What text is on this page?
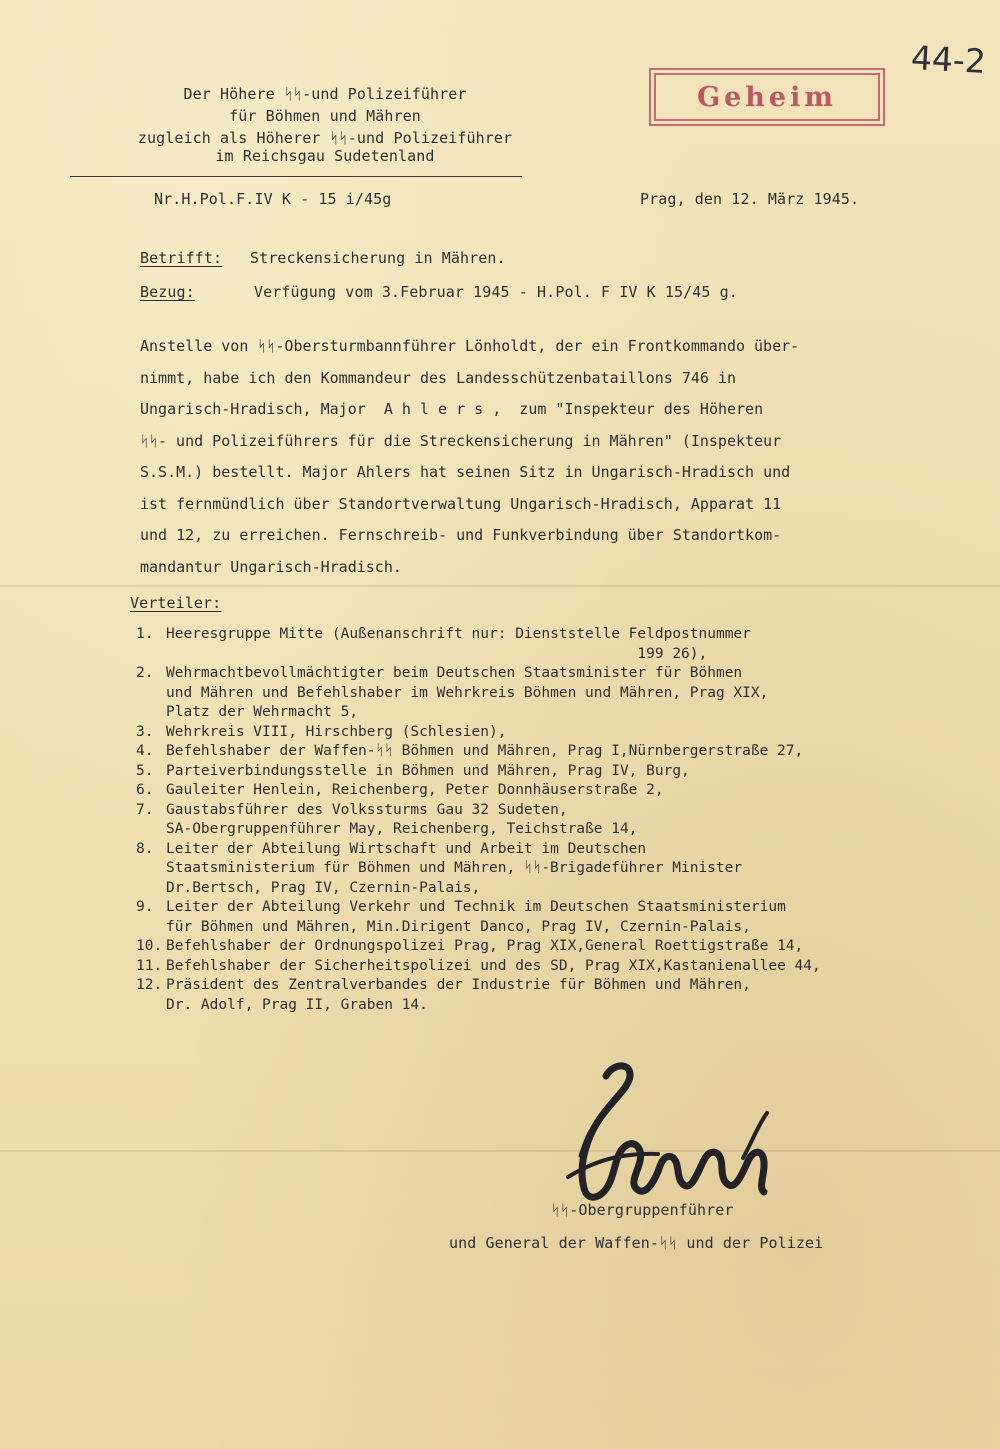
Der Höhere ᛋᛋ-und Polizeiführer
für Böhmen und Mähren
zugleich als Höherer ᛋᛋ-und Polizeiführer
im Reichsgau Sudetenland
Geheim
44-2
Nr.H.Pol.F.IV K - 15 i/45g	Prag, den 12. März 1945.
Betrifft: Streckensicherung in Mähren.
Bezug:	Verfügung vom 3.Februar 1945 - H.Pol. F IV K 15/45 g.
Anstelle von ᛋᛋ-Obersturmbannführer Lönholdt, der ein Frontkommando über-
nimmt, habe ich den Kommandeur des Landesschützenbataillons 746 in
Ungarisch-Hradisch, Major  A h l e r s ,  zum "Inspekteur des Höheren
ᛋᛋ- und Polizeiführers für die Streckensicherung in Mähren" (Inspekteur
S.S.M.) bestellt. Major Ahlers hat seinen Sitz in Ungarisch-Hradisch und
ist fernmündlich über Standortverwaltung Ungarisch-Hradisch, Apparat 11
und 12, zu erreichen. Fernschreib- und Funkverbindung über Standortkom-
mandantur Ungarisch-Hradisch.
Verteiler:
1. Heeresgruppe Mitte (Außenanschrift nur: Dienststelle Feldpostnummer
199 26),
2. Wehrmachtbevollmächtigter beim Deutschen Staatsminister für Böhmen
und Mähren und Befehlshaber im Wehrkreis Böhmen und Mähren, Prag XIX,
Platz der Wehrmacht 5,
3. Wehrkreis VIII, Hirschberg (Schlesien),
4. Befehlshaber der Waffen-ᛋᛋ Böhmen und Mähren, Prag I,Nürnbergerstraße 27,
5. Parteiverbindungsstelle in Böhmen und Mähren, Prag IV, Burg,
6. Gauleiter Henlein, Reichenberg, Peter Donnhäuserstraße 2,
7. Gaustabsführer des Volkssturms Gau 32 Sudeten,
SA-Obergruppenführer May, Reichenberg, Teichstraße 14,
8. Leiter der Abteilung Wirtschaft und Arbeit im Deutschen
Staatsministerium für Böhmen und Mähren, ᛋᛋ-Brigadeführer Minister
Dr.Bertsch, Prag IV, Czernin-Palais,
9. Leiter der Abteilung Verkehr und Technik im Deutschen Staatsministerium
für Böhmen und Mähren, Min.Dirigent Danco, Prag IV, Czernin-Palais,
10. Befehlshaber der Ordnungspolizei Prag, Prag XIX,General Roettigstraße 14,
11. Befehlshaber der Sicherheitspolizei und des SD, Prag XIX,Kastanienallee 44,
12. Präsident des Zentralverbandes der Industrie für Böhmen und Mähren,
Dr. Adolf, Prag II, Graben 14.
ᛋᛋ-Obergruppenführer
und General der Waffen-ᛋᛋ und der Polizei
